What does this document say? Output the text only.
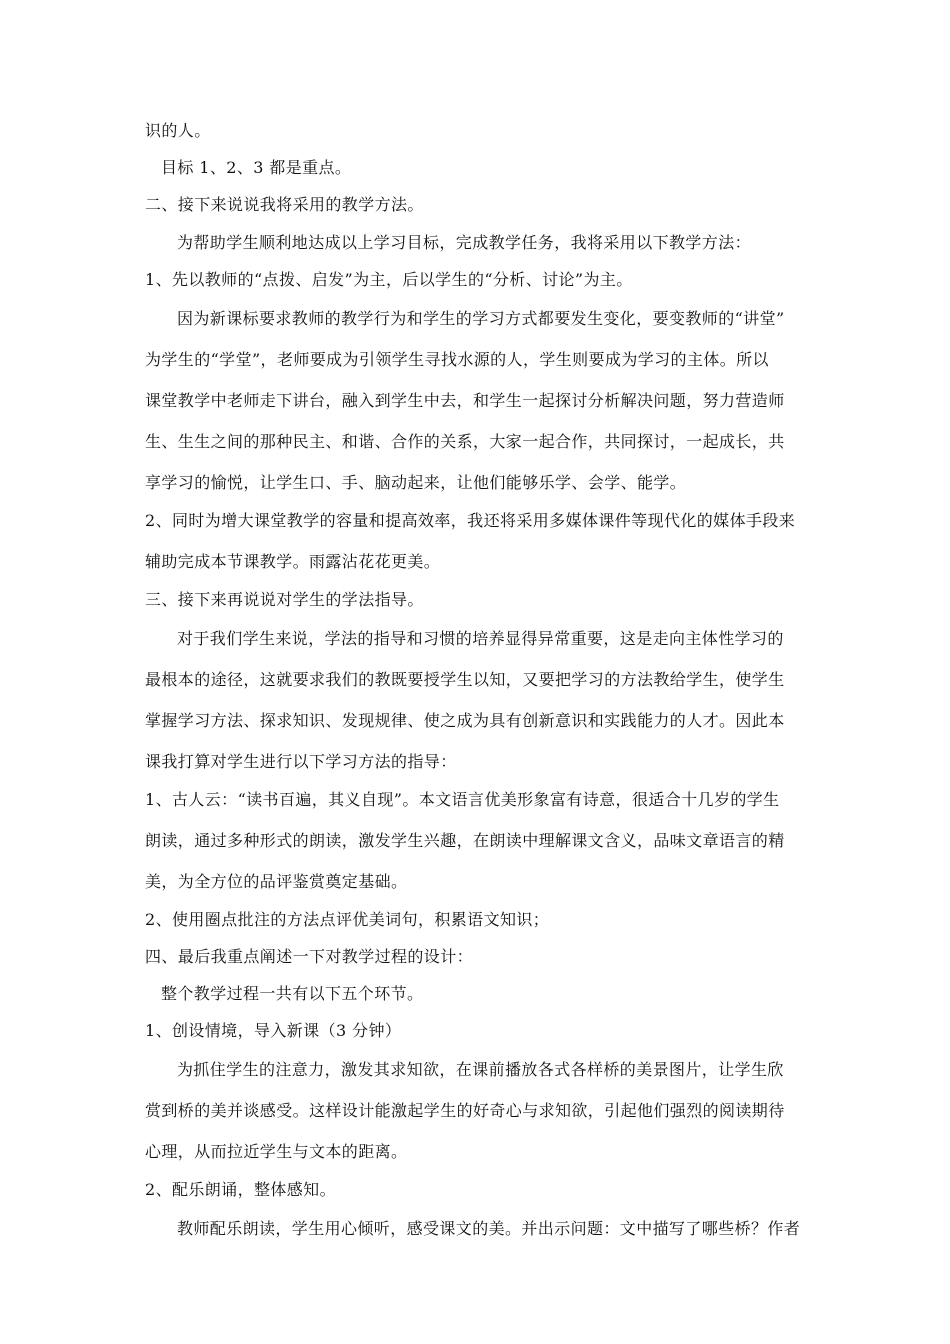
识的人。
目标 1、2、3 都是重点。
二、接下来说说我将采用的教学方法。
为帮助学生顺利地达成以上学习目标，完成教学任务，我将采用以下教学方法：
1、先以教师的“点拨、启发”为主，后以学生的“分析、讨论”为主。
因为新课标要求教师的教学行为和学生的学习方式都要发生变化，要变教师的“讲堂”
为学生的“学堂”，老师要成为引领学生寻找水源的人，学生则要成为学习的主体。所以
课堂教学中老师走下讲台，融入到学生中去，和学生一起探讨分析解决问题，努力营造师
生、生生之间的那种民主、和谐、合作的关系，大家一起合作，共同探讨，一起成长，共
享学习的愉悦，让学生口、手、脑动起来，让他们能够乐学、会学、能学。
2、同时为增大课堂教学的容量和提高效率，我还将采用多媒体课件等现代化的媒体手段来
辅助完成本节课教学。雨露沾花花更美。
三、接下来再说说对学生的学法指导。
对于我们学生来说，学法的指导和习惯的培养显得异常重要，这是走向主体性学习的
最根本的途径，这就要求我们的教既要授学生以知，又要把学习的方法教给学生，使学生
掌握学习方法、探求知识、发现规律、使之成为具有创新意识和实践能力的人才。因此本
课我打算对学生进行以下学习方法的指导：
1、古人云：“读书百遍，其义自现”。本文语言优美形象富有诗意，很适合十几岁的学生
朗读，通过多种形式的朗读，激发学生兴趣，在朗读中理解课文含义，品味文章语言的精
美，为全方位的品评鉴赏奠定基础。
2、使用圈点批注的方法点评优美词句，积累语文知识；
四、最后我重点阐述一下对教学过程的设计：
整个教学过程一共有以下五个环节。
1、创设情境，导入新课（3 分钟）
为抓住学生的注意力，激发其求知欲，在课前播放各式各样桥的美景图片，让学生欣
赏到桥的美并谈感受。这样设计能激起学生的好奇心与求知欲，引起他们强烈的阅读期待
心理，从而拉近学生与文本的距离。
2、配乐朗诵，整体感知。
教师配乐朗读，学生用心倾听，感受课文的美。并出示问题：文中描写了哪些桥？作者
